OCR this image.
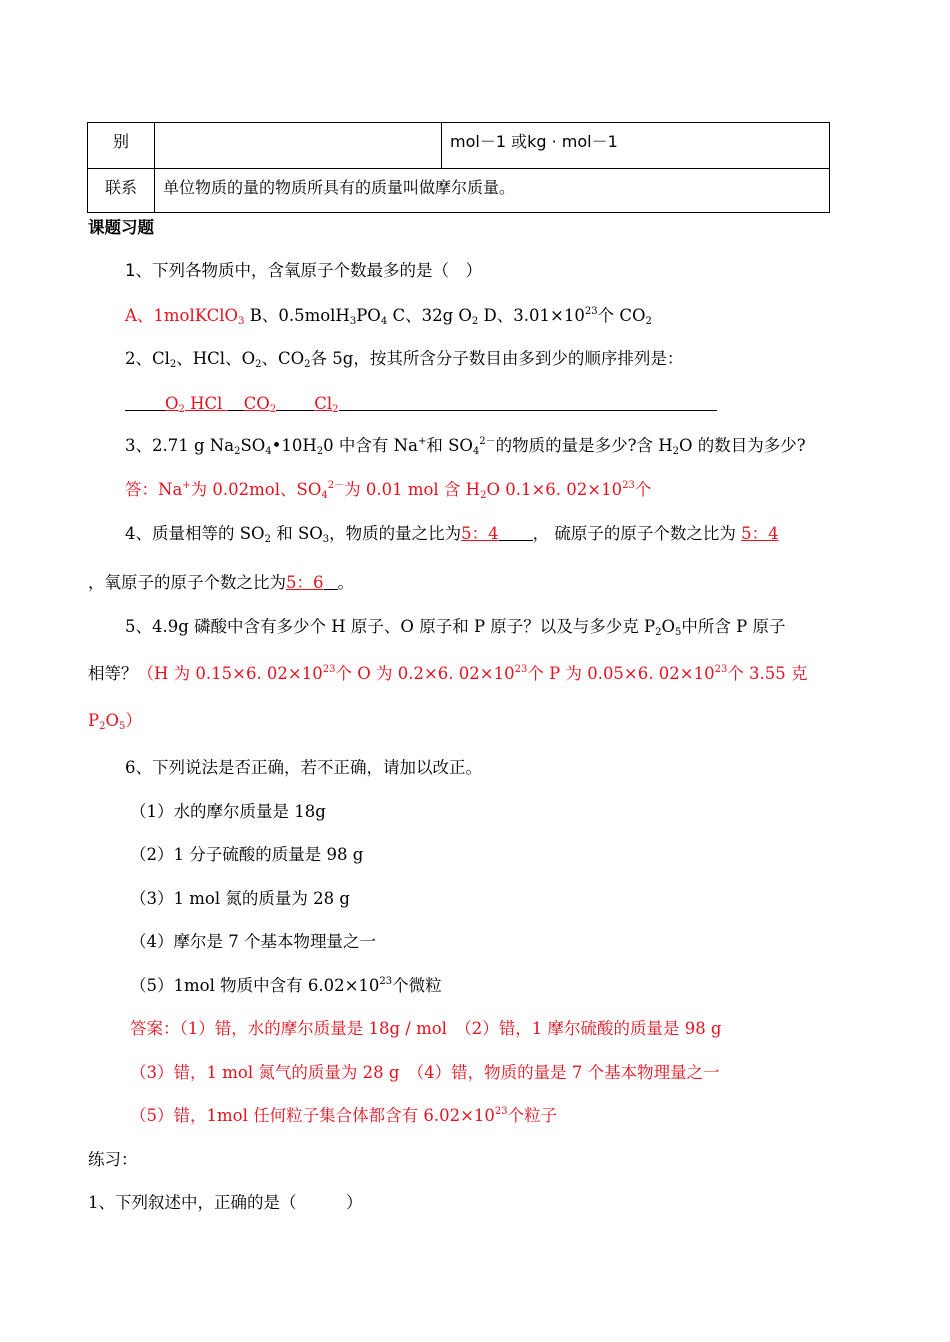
别		mol－1 或kg · mol－1
联系	单位物质的量的物质所具有的质量叫做摩尔质量。	
课题习题
1、下列各物质中，含氧原子个数最多的是（　）
A、1molKClO$_3$ B、$0.5molH_3PO_4$ C、32g $O_2$ D、$3.01\times 10^{23}$个 $CO_2$
2、$Cl_2$、HCl、$O_2$、$CO_2$各 5g，按其所含分子数目由多到少的顺序排列是：
$O_2$ HCl $CO_2$ $Cl_2$
3、2.71 g $Na_2SO_4•10H_20$ 中含有 Na+和 $SO_4^{2-}$的物质的量是多少?含 $H_2O$ 的数目为多少?
答：Na+为 0.02mol、$SO_4^{2-}$为 0.01 mol 含 $H_2O$ 0.1×6. $02\times 10^{23}$个
4、质量相等的 $SO_2$ 和 $SO_3$，物质的量之比为5：4 ， 硫原子的原子个数之比为 5：4
，氧原子的原子个数之比为5：6 。
5、4.9g 磷酸中含有多少个 H 原子、O 原子和 P 原子？以及与多少克 $P_2O_5$中所含 P 原子
相等？（H 为 0.15×6. $02\times 10^{23}$个 O 为 0.2×6. $02\times 10^{23}$个 P 为 0.05×6. $02\times 10^{23}$个 3.55 克
$P_2O_5$）
6、下列说法是否正确，若不正确，请加以改正。
（1）水的摩尔质量是 18g
（2）1 分子硫酸的质量是 98 g
（3）1 mol 氮的质量为 28 g
（4）摩尔是 7 个基本物理量之一
（5）1mol 物质中含有 $6.02\times 10^{23}$个微粒
答案：（1）错，水的摩尔质量是 18g / mol　（2）错，1 摩尔硫酸的质量是 98 g
（3）错，1 mol 氮气的质量为 28 g　（4）错，物质的量是 7 个基本物理量之一
（5）错，1mol 任何粒子集合体都含有 $6.02\times 10^{23}$个粒子
练习：
1、下列叙述中，正确的是（　　　）
